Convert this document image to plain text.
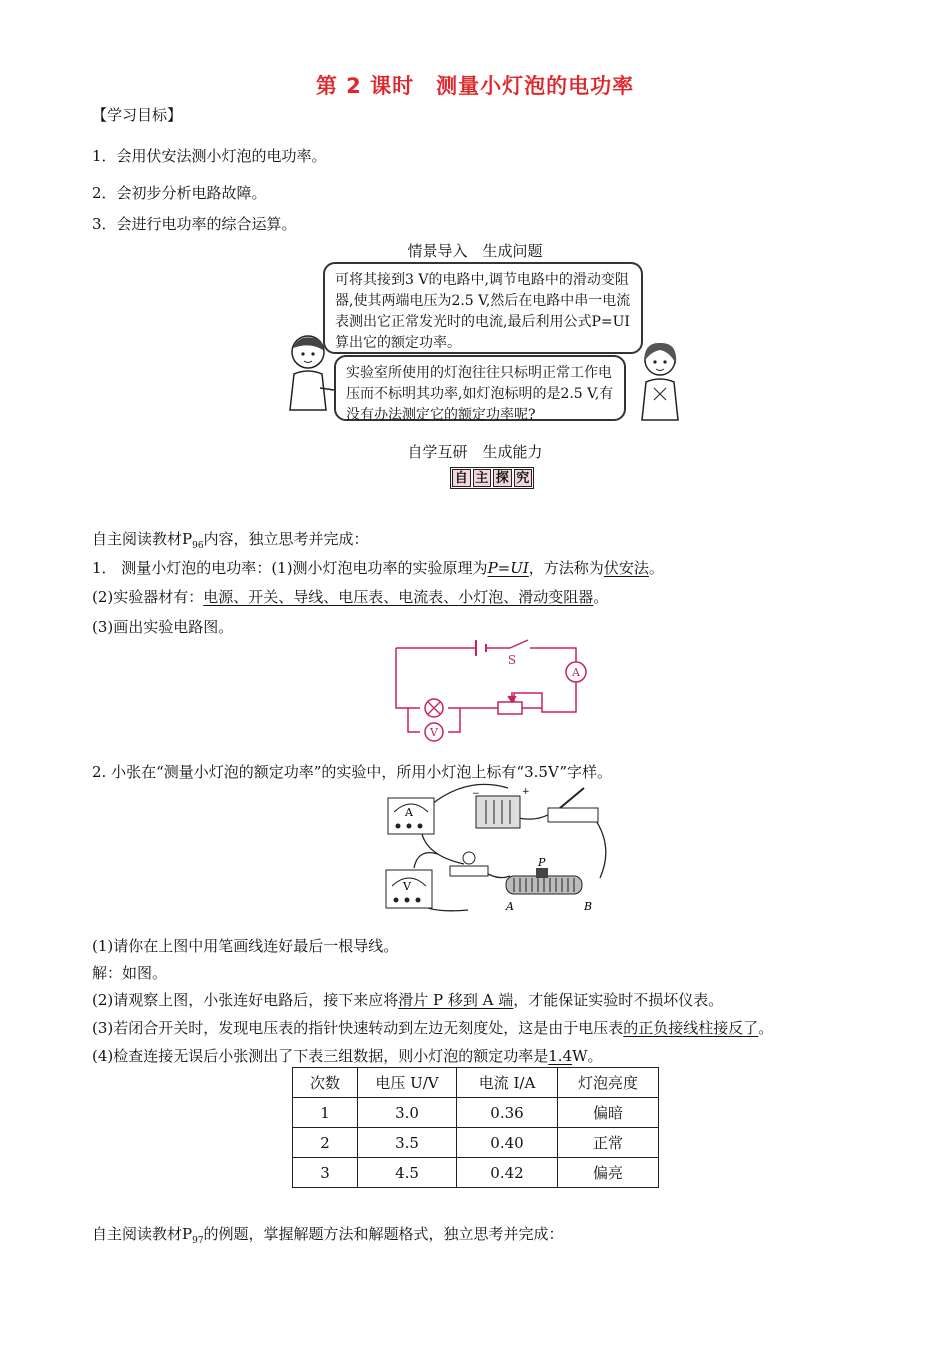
第 2 课时　测量小灯泡的电功率
【学习目标】
1．会用伏安法测小灯泡的电功率。
2．会初步分析电路故障。
3．会进行电功率的综合运算。
情景导入　生成问题
可将其接到3 V的电路中,调节电路中的滑动变阻器,使其两端电压为2.5 V,然后在电路中串一电流表测出它正常发光时的电流,最后利用公式P=UI算出它的额定功率。
实验室所使用的灯泡往往只标明正常工作电压而不标明其功率,如灯泡标明的是2.5 V,有没有办法测定它的额定功率呢?
自学互研　生成能力
自 主 探 究
自主阅读教材$P_{96}$内容，独立思考并完成：
1． 测量小灯泡的电功率：(1)测小灯泡电功率的实验原理为P=UI，方法称为伏安法。
(2)实验器材有：电源、开关、导线、电压表、电流表、小灯泡、滑动变阻器。
(3)画出实验电路图。
V
A
S
2. 小张在“测量小灯泡的额定功率”的实验中，所用小灯泡上标有“3.5V”字样。
A
−	+
V
P
A	B
(1)请你在上图中用笔画线连好最后一根导线。
解：如图。
(2)请观察上图，小张连好电路后，接下来应将滑片 P 移到 A 端，才能保证实验时不损坏仪表。
(3)若闭合开关时，发现电压表的指针快速转动到左边无刻度处，这是由于电压表的正负接线柱接反了。
(4)检查连接无误后小张测出了下表三组数据，则小灯泡的额定功率是1.4W。
次数	电压 U/V	电流 I/A	灯泡亮度
1	3.0	0.36	偏暗
2	3.5	0.40	正常
3	4.5	0.42	偏亮
自主阅读教材$P_{97}$的例题，掌握解题方法和解题格式，独立思考并完成：
